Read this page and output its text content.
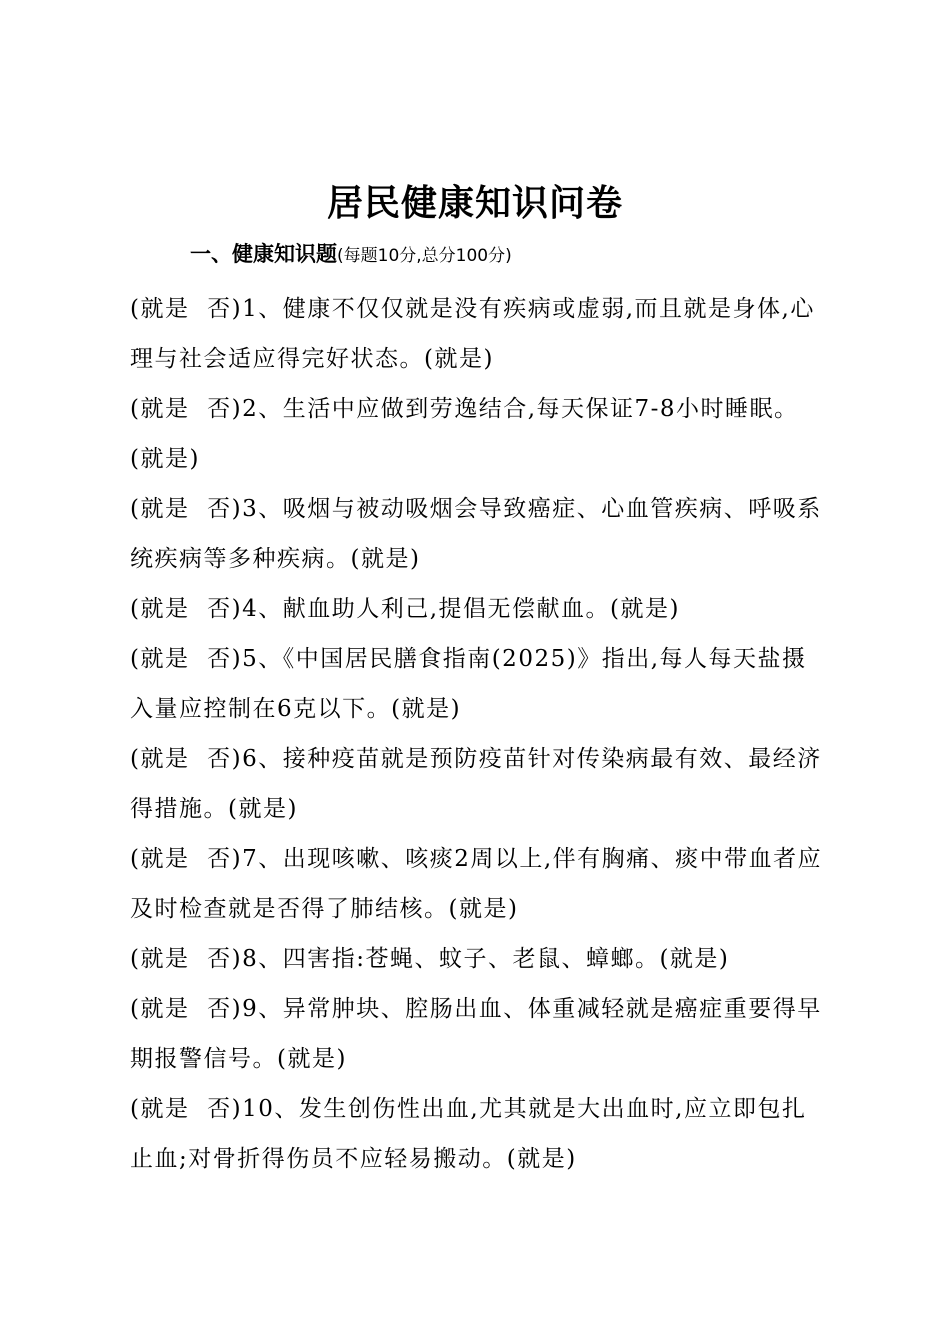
居民健康知识问卷
一、健康知识题(每题10分,总分100分)

(就是  否)1、健康不仅仅就是没有疾病或虚弱,而且就是身体,心理与社会适应得完好状态。(就是)

(就是  否)2、生活中应做到劳逸结合,每天保证7-8小时睡眠。(就是)

(就是  否)3、吸烟与被动吸烟会导致癌症、心血管疾病、呼吸系统疾病等多种疾病。(就是)

(就是  否)4、献血助人利己,提倡无偿献血。(就是)

(就是  否)5、《中国居民膳食指南(2025)》指出,每人每天盐摄入量应控制在6克以下。(就是)

(就是  否)6、接种疫苗就是预防疫苗针对传染病最有效、最经济得措施。(就是)

(就是  否)7、出现咳嗽、咳痰2周以上,伴有胸痛、痰中带血者应及时检查就是否得了肺结核。(就是)

(就是  否)8、四害指:苍蝇、蚊子、老鼠、蟑螂。(就是)

(就是  否)9、异常肿块、腔肠出血、体重减轻就是癌症重要得早期报警信号。(就是)

(就是  否)10、发生创伤性出血,尤其就是大出血时,应立即包扎止血;对骨折得伤员不应轻易搬动。(就是)
